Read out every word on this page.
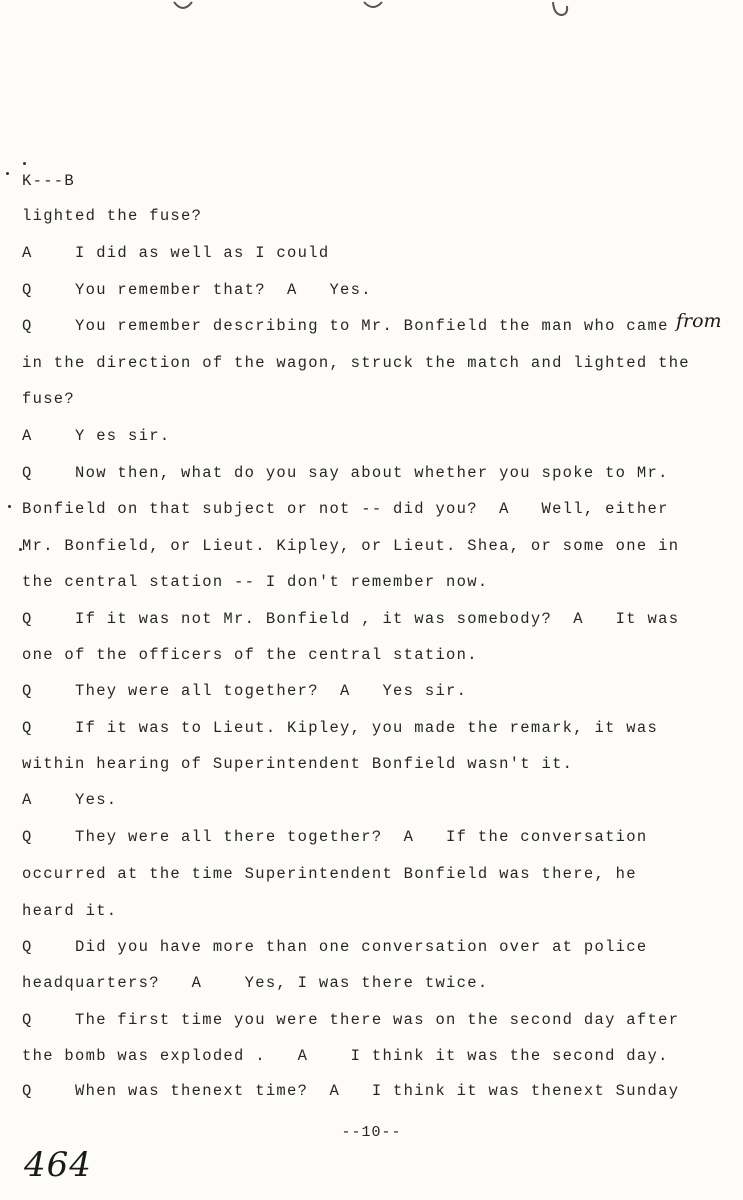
K---B
lighted the fuse?
A    I did as well as I could
Q    You remember that?  A   Yes.
Q    You remember describing to Mr. Bonfield the man who came
in the direction of the wagon, struck the match and lighted the
fuse?
A    Y es sir.
Q    Now then, what do you say about whether you spoke to Mr.
Bonfield on that subject or not -- did you?  A   Well, either
Mr. Bonfield, or Lieut. Kipley, or Lieut. Shea, or some one in
the central station -- I don't remember now.
Q    If it was not Mr. Bonfield , it was somebody?  A   It was
one of the officers of the central station.
Q    They were all together?  A   Yes sir.
Q    If it was to Lieut. Kipley, you made the remark, it was
within hearing of Superintendent Bonfield wasn't it.
A    Yes.
Q    They were all there together?  A   If the conversation
occurred at the time Superintendent Bonfield was there, he
heard it.
Q    Did you have more than one conversation over at police
headquarters?   A    Yes, I was there twice.
Q    The first time you were there was on the second day after
the bomb was exploded .   A    I think it was the second day.
Q    When was thenext time?  A   I think it was thenext Sunday
from
--10--
464
